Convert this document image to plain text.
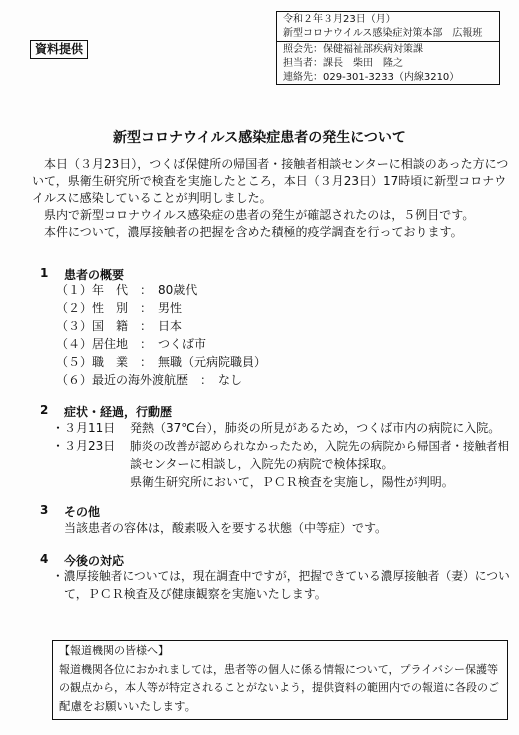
資料提供
令和２年３月23日（月）
新型コロナウイルス感染症対策本部　広報班
照会先：保健福祉部疾病対策課
担当者：課長　柴田　隆之
連絡先：029-301-3233（内線3210）
新型コロナウイルス感染症患者の発生について
本日（３月23日），つくば保健所の帰国者・接触者相談センターに相談のあった方につ
いて，県衛生研究所で検査を実施したところ，本日（３月23日）17時頃に新型コロナウ
イルスに感染していることが判明しました。
県内で新型コロナウイルス感染症の患者の発生が確認されたのは，５例目です。
本件について，濃厚接触者の把握を含めた積極的疫学調査を行っております。
1 患者の概要
（１）年　代　：　80歳代
（２）性　別　：　男性
（３）国　籍　：　日本
（４）居住地　：　つくば市
（５）職　業　：　無職（元病院職員）
（６）最近の海外渡航歴　：　なし
2 症状・経過，行動歴
・３月11日 発熱（37℃台），肺炎の所見があるため，つくば市内の病院に入院。
・３月23日 肺炎の改善が認められなかったため，入院先の病院から帰国者・接触者相
談センターに相談し，入院先の病院で検体採取。
県衛生研究所において，ＰＣＲ検査を実施し，陽性が判明。
3 その他
当該患者の容体は，酸素吸入を要する状態（中等症）です。
4 今後の対応
・濃厚接触者については，現在調査中ですが，把握できている濃厚接触者（妻）につい
て，ＰＣＲ検査及び健康観察を実施いたします。
【報道機関の皆様へ】
報道機関各位におかれましては，患者等の個人に係る情報について，プライバシー保護等
の観点から，本人等が特定されることがないよう，提供資料の範囲内での報道に各段のご
配慮をお願いいたします。
